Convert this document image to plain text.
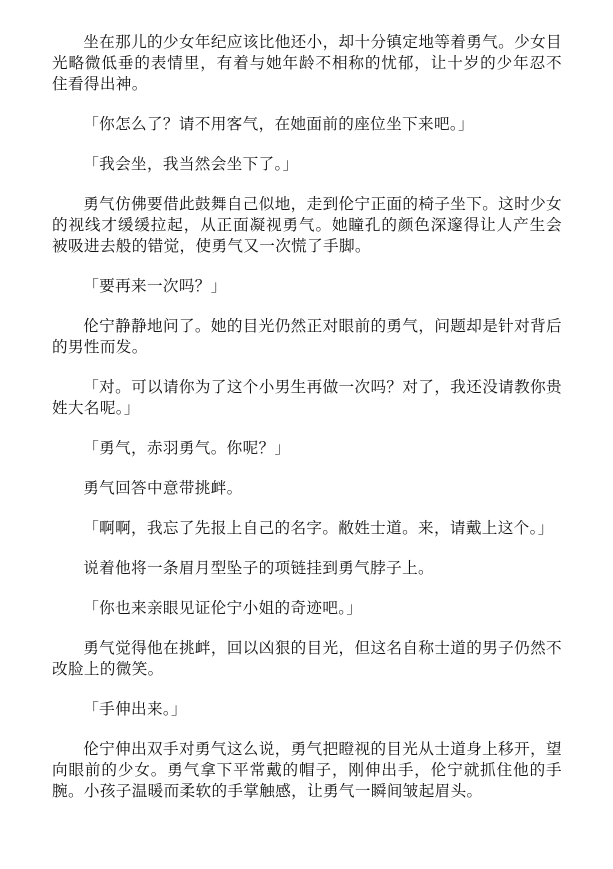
坐在那儿的少女年纪应该比他还小，却十分镇定地等着勇气。少女目光略微低垂的表情里，有着与她年龄不相称的忧郁，让十岁的少年忍不住看得出神。

「你怎么了？请不用客气，在她面前的座位坐下来吧。」

「我会坐，我当然会坐下了。」

勇气仿佛要借此鼓舞自己似地，走到伦宁正面的椅子坐下。这时少女的视线才缓缓拉起，从正面凝视勇气。她瞳孔的颜色深邃得让人产生会被吸进去般的错觉，使勇气又一次慌了手脚。

「要再来一次吗？」

伦宁静静地问了。她的目光仍然正对眼前的勇气，问题却是针对背后的男性而发。

「对。可以请你为了这个小男生再做一次吗？对了，我还没请教你贵姓大名呢。」

「勇气，赤羽勇气。你呢？」

勇气回答中意带挑衅。

「啊啊，我忘了先报上自己的名字。敝姓士道。来，请戴上这个。」

说着他将一条眉月型坠子的项链挂到勇气脖子上。

「你也来亲眼见证伦宁小姐的奇迹吧。」

勇气觉得他在挑衅，回以凶狠的目光，但这名自称士道的男子仍然不改脸上的微笑。

「手伸出来。」

伦宁伸出双手对勇气这么说，勇气把瞪视的目光从士道身上移开，望向眼前的少女。勇气拿下平常戴的帽子，刚伸出手，伦宁就抓住他的手腕。小孩子温暖而柔软的手掌触感，让勇气一瞬间皱起眉头。
